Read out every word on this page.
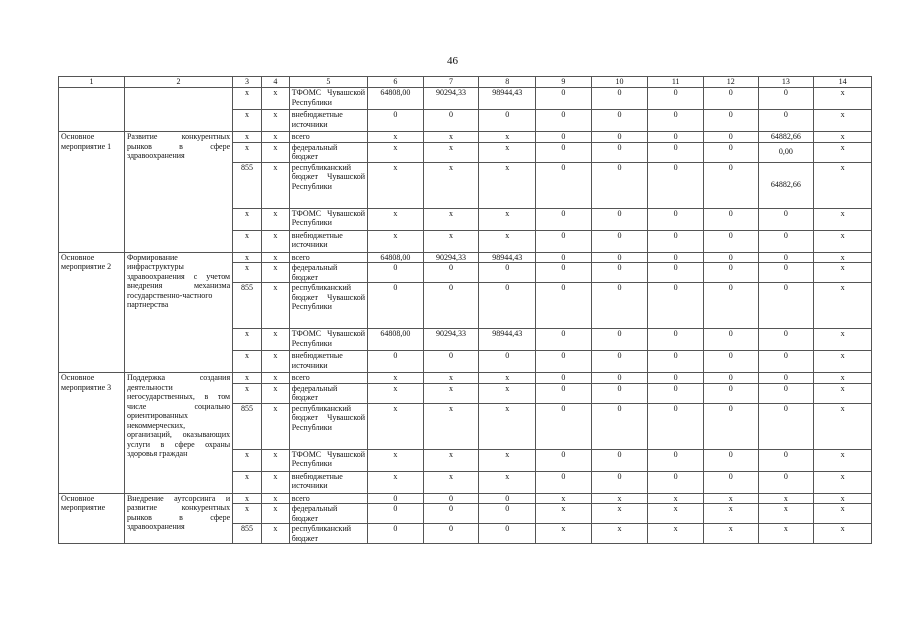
46
1	2	3	4	5	6	7	8	9	10	11	12	13	14
		x	x	ТФОМС Чувашской Республики	64808,00	90294,33	98944,43	0	0	0	0	0	x
		x	x	внебюджетные источники	0	0	0	0	0	0	0	0	x
Основное мероприятие 1	Развитие конкурентных рынков в сфере здравоохранения	x	x	всего	x	x	x	0	0	0	0	64882,66	x
		x	x	федеральный бюджет	x	x	x	0	0	0	0	0,00	x
		855	x	республиканский бюджет Чувашской Республики	x	x	x	0	0	0	0	64882,66	x
		x	x	ТФОМС Чувашской Республики	x	x	x	0	0	0	0	0	x
		x	x	внебюджетные источники	x	x	x	0	0	0	0	0	x
Основное мероприятие 2	Формирование инфраструктуры здравоохранения с учетом внедрения механизма государственно-частного партнерства	x	x	всего	64808,00	90294,33	98944,43	0	0	0	0	0	x
		x	x	федеральный бюджет	0	0	0	0	0	0	0	0	x
		855	x	республиканский бюджет Чувашской Республики	0	0	0	0	0	0	0	0	x
		x	x	ТФОМС Чувашской Республики	64808,00	90294,33	98944,43	0	0	0	0	0	x
		x	x	внебюджетные источники	0	0	0	0	0	0	0	0	x
Основное мероприятие 3	Поддержка создания деятельности негосударственных, в том числе социально ориентированных некоммерческих, организаций, оказывающих услуги в сфере охраны здоровья граждан	x	x	всего	x	x	x	0	0	0	0	0	x
		x	x	федеральный бюджет	x	x	x	0	0	0	0	0	x
		855	x	республиканский бюджет Чувашской Республики	x	x	x	0	0	0	0	0	x
		x	x	ТФОМС Чувашской Республики	x	x	x	0	0	0	0	0	x
		x	x	внебюджетные источники	x	x	x	0	0	0	0	0	x
Основное мероприятие	Внедрение аутсорсинга и развитие конкурентных рынков в сфере здравоохранения	x	x	всего	0	0	0	x	x	x	x	x	x
		x	x	федеральный бюджет	0	0	0	x	x	x	x	x	x
		855	x	республиканский бюджет	0	0	0	x	x	x	x	x	x
